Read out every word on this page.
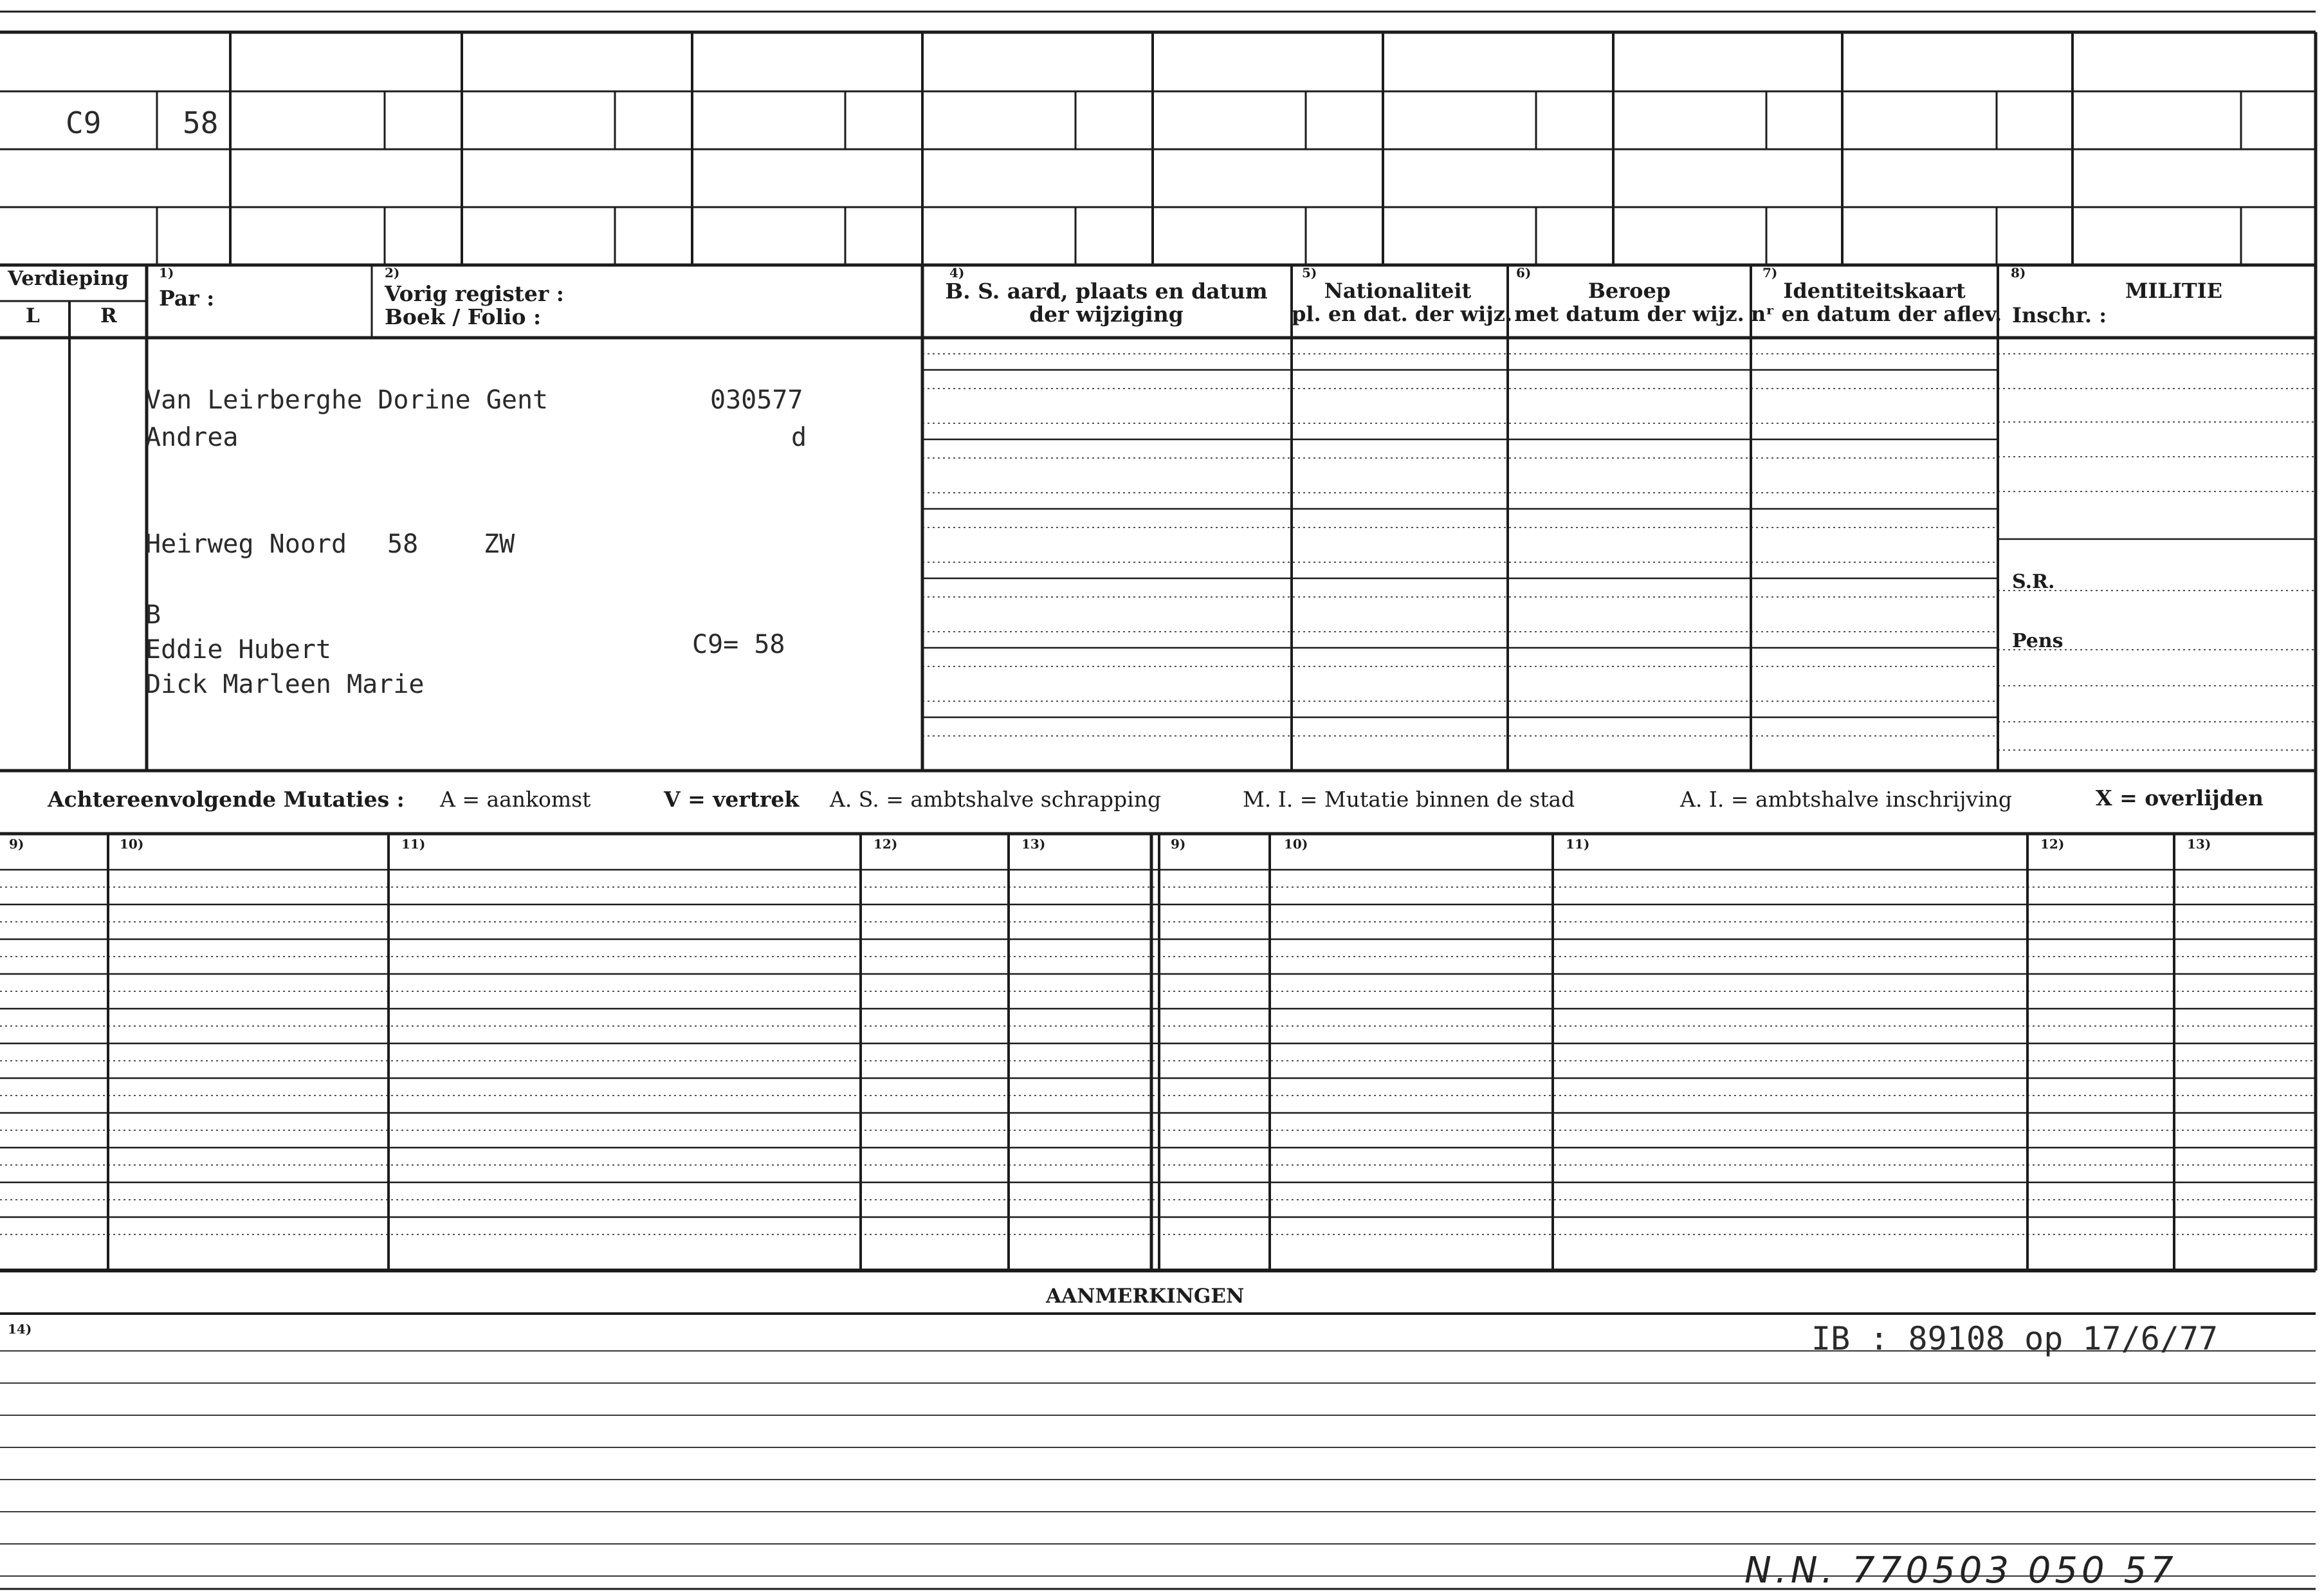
C9	58
Verdieping
L	R
1)
Par :
2)
Vorig register :
Boek / Folio :
4)
B. S. aard, plaats en datum
der wijziging
5)
Nationaliteit
pl. en dat. der wijz.
6)
Beroep
met datum der wijz.
7)
Identiteitskaart
nʳ en datum der aflev.
8)
MILITIE
Inschr. :
Van Leirberghe Dorine Gent	030577
Andrea	d
Heirweg Noord 58	ZW
B
Eddie Hubert	C9= 58
Dick Marleen Marie
S.R.
Pens
Achtereenvolgende Mutaties : A = aankomst	V = vertrek A. S. = ambtshalve schrapping	M. I. = Mutatie binnen de stad	A. I. = ambtshalve inschrijving	X = overlijden
9)	10)	11)	12)	13)	9)	10)	11)	12)	13)
AANMERKINGEN
14)	IB : 89108 op 17/6/77
N.N. 770503 050 57
